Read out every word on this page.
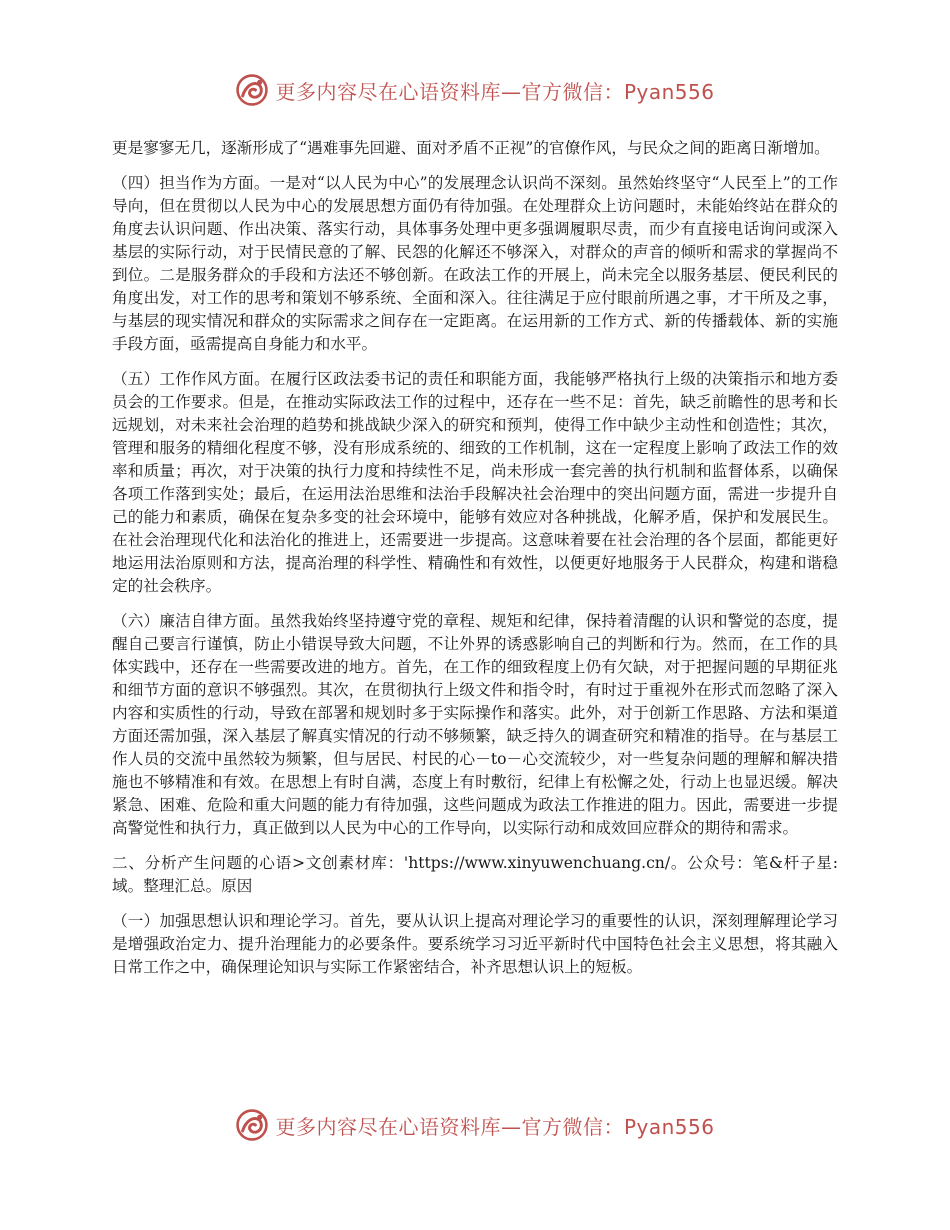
更多内容尽在心语资料库—官方微信：Pyan556

更是寥寥无几，逐渐形成了“遇难事先回避、面对矛盾不正视”的官僚作风，与民众之间的距离日渐增加。

（四）担当作为方面。一是对“以人民为中心”的发展理念认识尚不深刻。虽然始终坚守“人民至上”的工作导向，但在贯彻以人民为中心的发展思想方面仍有待加强。在处理群众上访问题时，未能始终站在群众的角度去认识问题、作出决策、落实行动，具体事务处理中更多强调履职尽责，而少有直接电话询问或深入基层的实际行动，对于民情民意的了解、民怨的化解还不够深入，对群众的声音的倾听和需求的掌握尚不到位。二是服务群众的手段和方法还不够创新。在政法工作的开展上，尚未完全以服务基层、便民利民的角度出发，对工作的思考和策划不够系统、全面和深入。往往满足于应付眼前所遇之事，才干所及之事，与基层的现实情况和群众的实际需求之间存在一定距离。在运用新的工作方式、新的传播载体、新的实施手段方面，亟需提高自身能力和水平。

（五）工作作风方面。在履行区政法委书记的责任和职能方面，我能够严格执行上级的决策指示和地方委员会的工作要求。但是，在推动实际政法工作的过程中，还存在一些不足：首先，缺乏前瞻性的思考和长远规划，对未来社会治理的趋势和挑战缺少深入的研究和预判，使得工作中缺少主动性和创造性；其次，管理和服务的精细化程度不够，没有形成系统的、细致的工作机制，这在一定程度上影响了政法工作的效率和质量；再次，对于决策的执行力度和持续性不足，尚未形成一套完善的执行机制和监督体系，以确保各项工作落到实处；最后，在运用法治思维和法治手段解决社会治理中的突出问题方面，需进一步提升自己的能力和素质，确保在复杂多变的社会环境中，能够有效应对各种挑战，化解矛盾，保护和发展民生。在社会治理现代化和法治化的推进上，还需要进一步提高。这意味着要在社会治理的各个层面，都能更好地运用法治原则和方法，提高治理的科学性、精确性和有效性，以便更好地服务于人民群众，构建和谐稳定的社会秩序。

（六）廉洁自律方面。虽然我始终坚持遵守党的章程、规矩和纪律，保持着清醒的认识和警觉的态度，提醒自己要言行谨慎，防止小错误导致大问题，不让外界的诱惑影响自己的判断和行为。然而，在工作的具体实践中，还存在一些需要改进的地方。首先，在工作的细致程度上仍有欠缺，对于把握问题的早期征兆和细节方面的意识不够强烈。其次，在贯彻执行上级文件和指令时，有时过于重视外在形式而忽略了深入内容和实质性的行动，导致在部署和规划时多于实际操作和落实。此外，对于创新工作思路、方法和渠道方面还需加强，深入基层了解真实情况的行动不够频繁，缺乏持久的调查研究和精准的指导。在与基层工作人员的交流中虽然较为频繁，但与居民、村民的心－to－心交流较少，对一些复杂问题的理解和解决措施也不够精准和有效。在思想上有时自满，态度上有时敷衍，纪律上有松懈之处，行动上也显迟缓。解决紧急、困难、危险和重大问题的能力有待加强，这些问题成为政法工作推进的阻力。因此，需要进一步提高警觉性和执行力，真正做到以人民为中心的工作导向，以实际行动和成效回应群众的期待和需求。

二、分析产生问题的心语>文创素材库：'https://www.xinyuwenchuang.cn/。公众号：笔&杆子星:域。整理汇总。原因

（一）加强思想认识和理论学习。首先，要从认识上提高对理论学习的重要性的认识，深刻理解理论学习是增强政治定力、提升治理能力的必要条件。要系统学习习近平新时代中国特色社会主义思想，将其融入日常工作之中，确保理论知识与实际工作紧密结合，补齐思想认识上的短板。

更多内容尽在心语资料库—官方微信：Pyan556
